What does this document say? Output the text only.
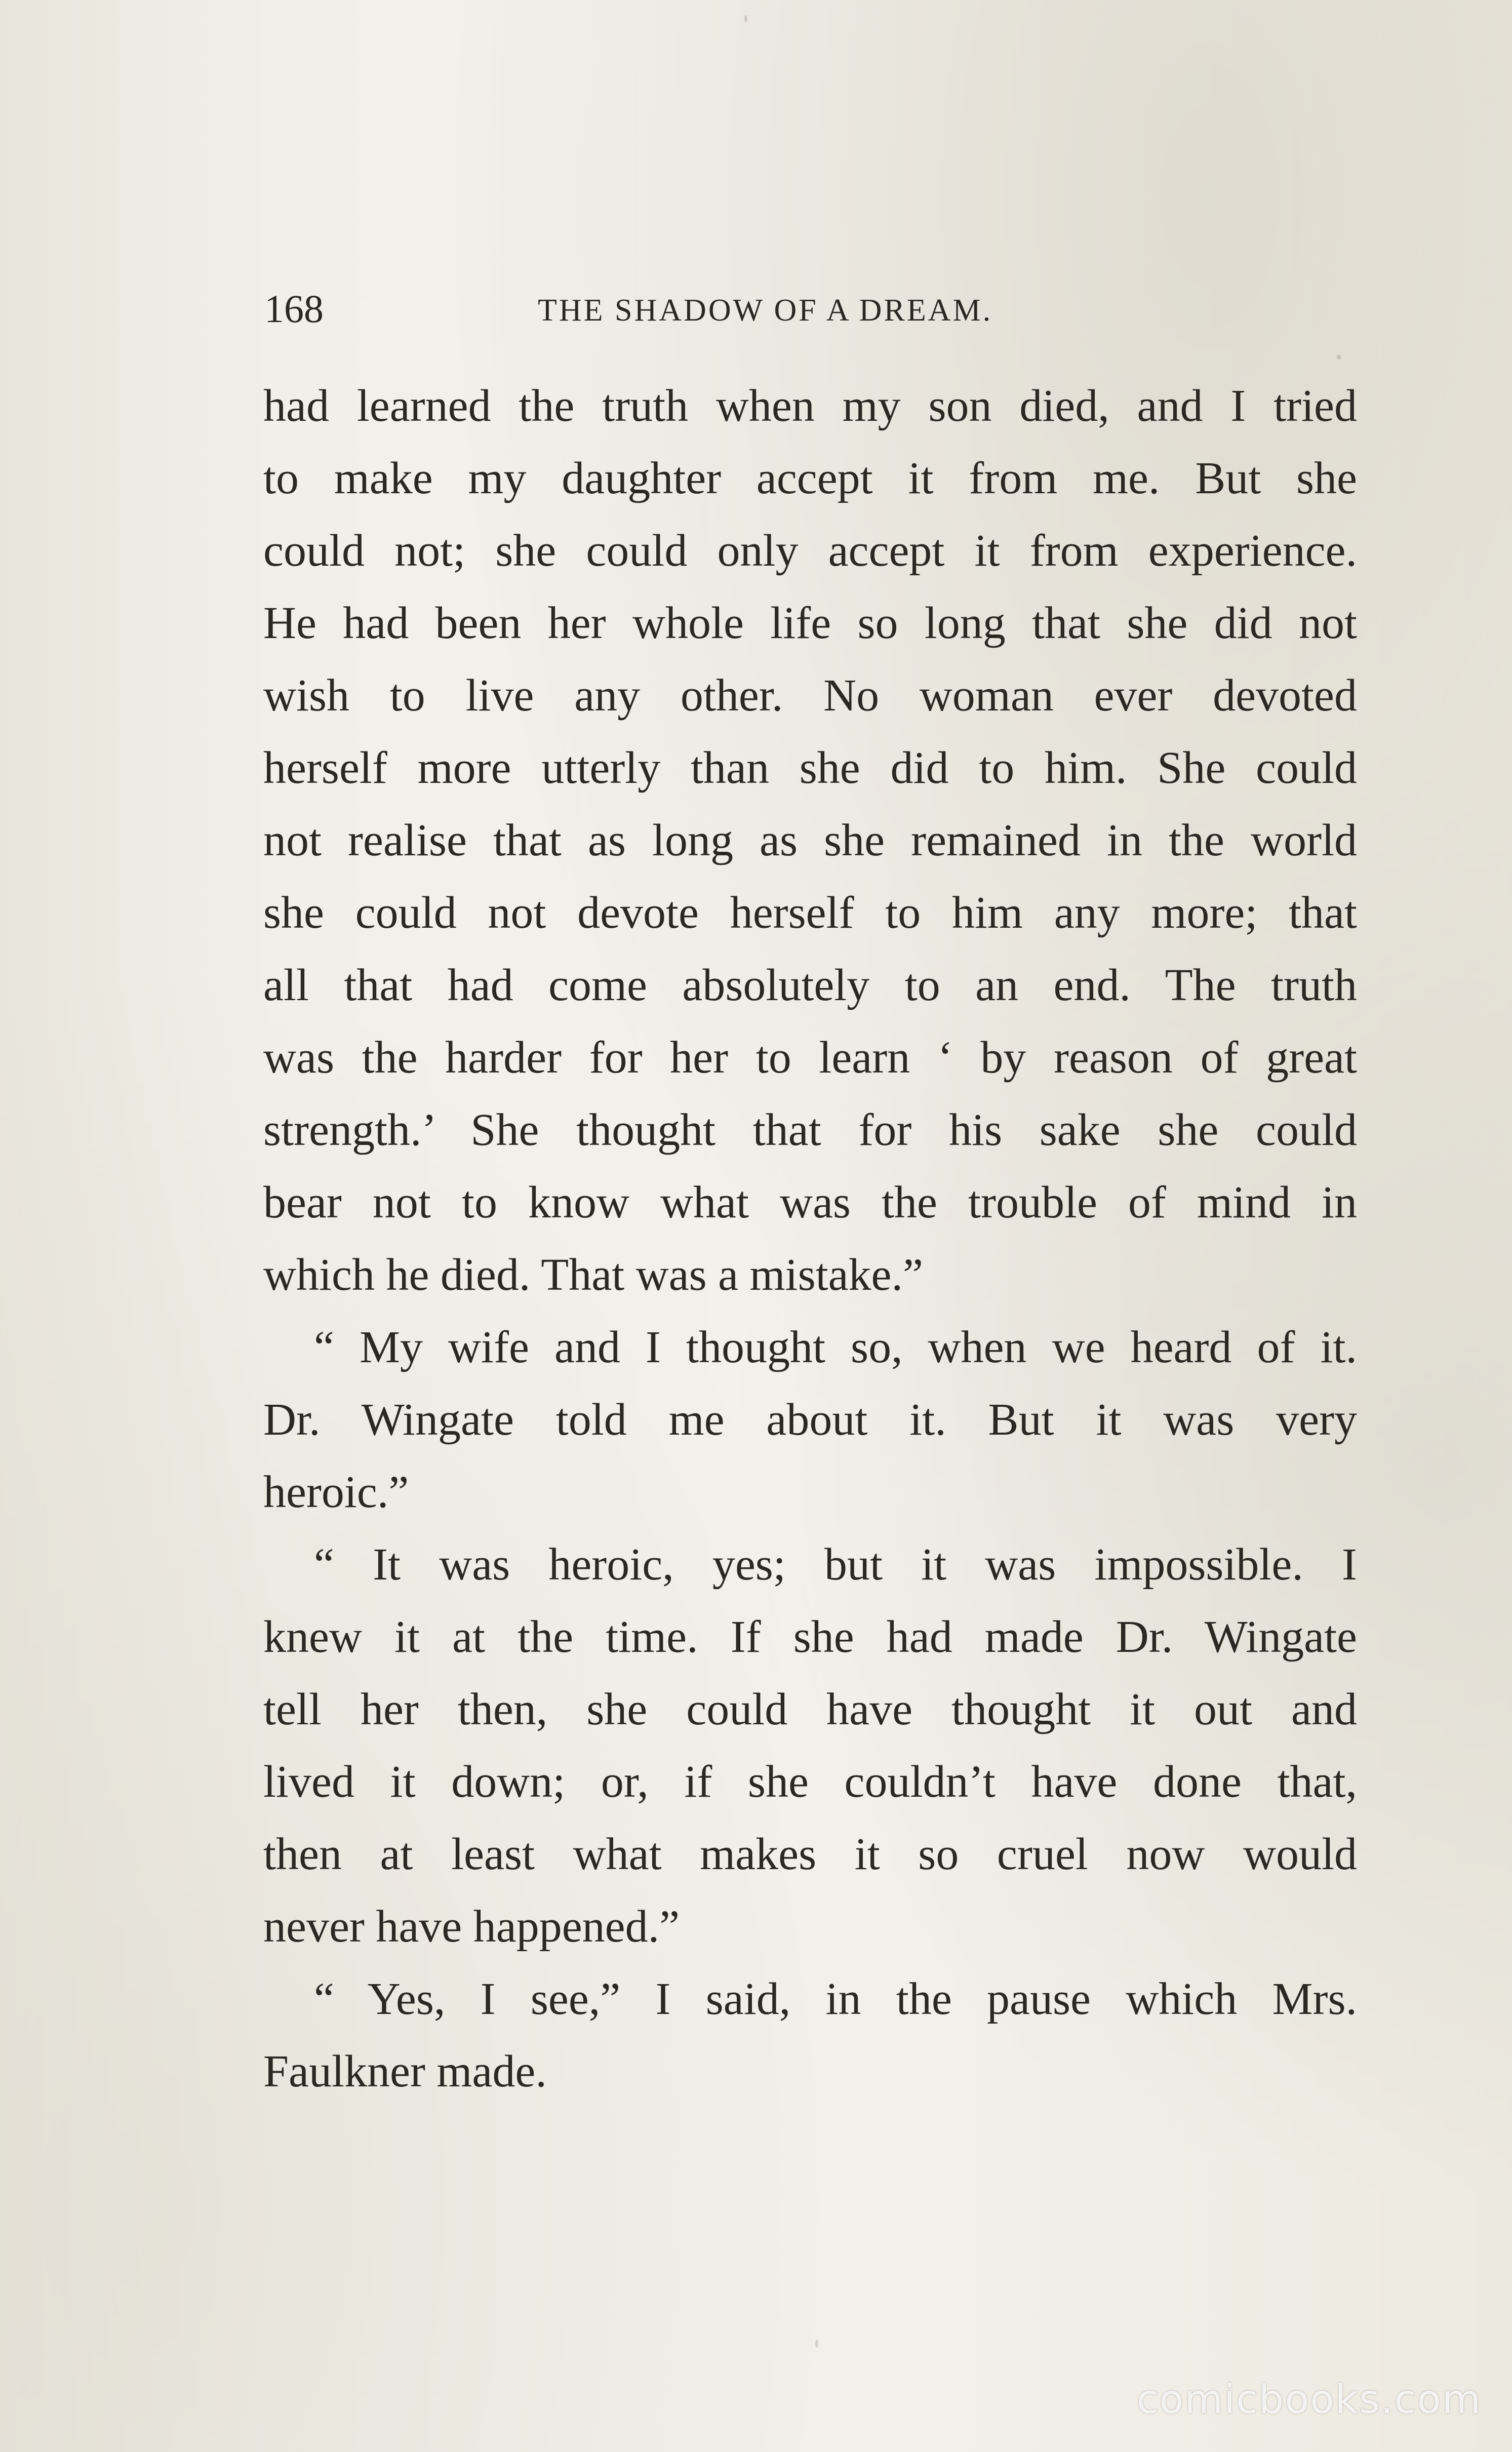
168	THE SHADOW OF A DREAM.
had learned the truth when my son died, and I tried
to make my daughter accept it from me. But she
could not; she could only accept it from experience.
He had been her whole life so long that she did not
wish to live any other. No woman ever devoted
herself more utterly than she did to him. She could
not realise that as long as she remained in the world
she could not devote herself to him any more; that
all that had come absolutely to an end. The truth
was the harder for her to learn ‘ by reason of great
strength.’ She thought that for his sake she could
bear not to know what was the trouble of mind in
which he died. That was a mistake.”
“ My wife and I thought so, when we heard of it.
Dr. Wingate told me about it. But it was very
heroic.”
“ It was heroic, yes; but it was impossible. I
knew it at the time. If she had made Dr. Wingate
tell her then, she could have thought it out and
lived it down; or, if she couldn’t have done that,
then at least what makes it so cruel now would
never have happened.”
“ Yes, I see,” I said, in the pause which Mrs.
Faulkner made.
comicbooks.com
